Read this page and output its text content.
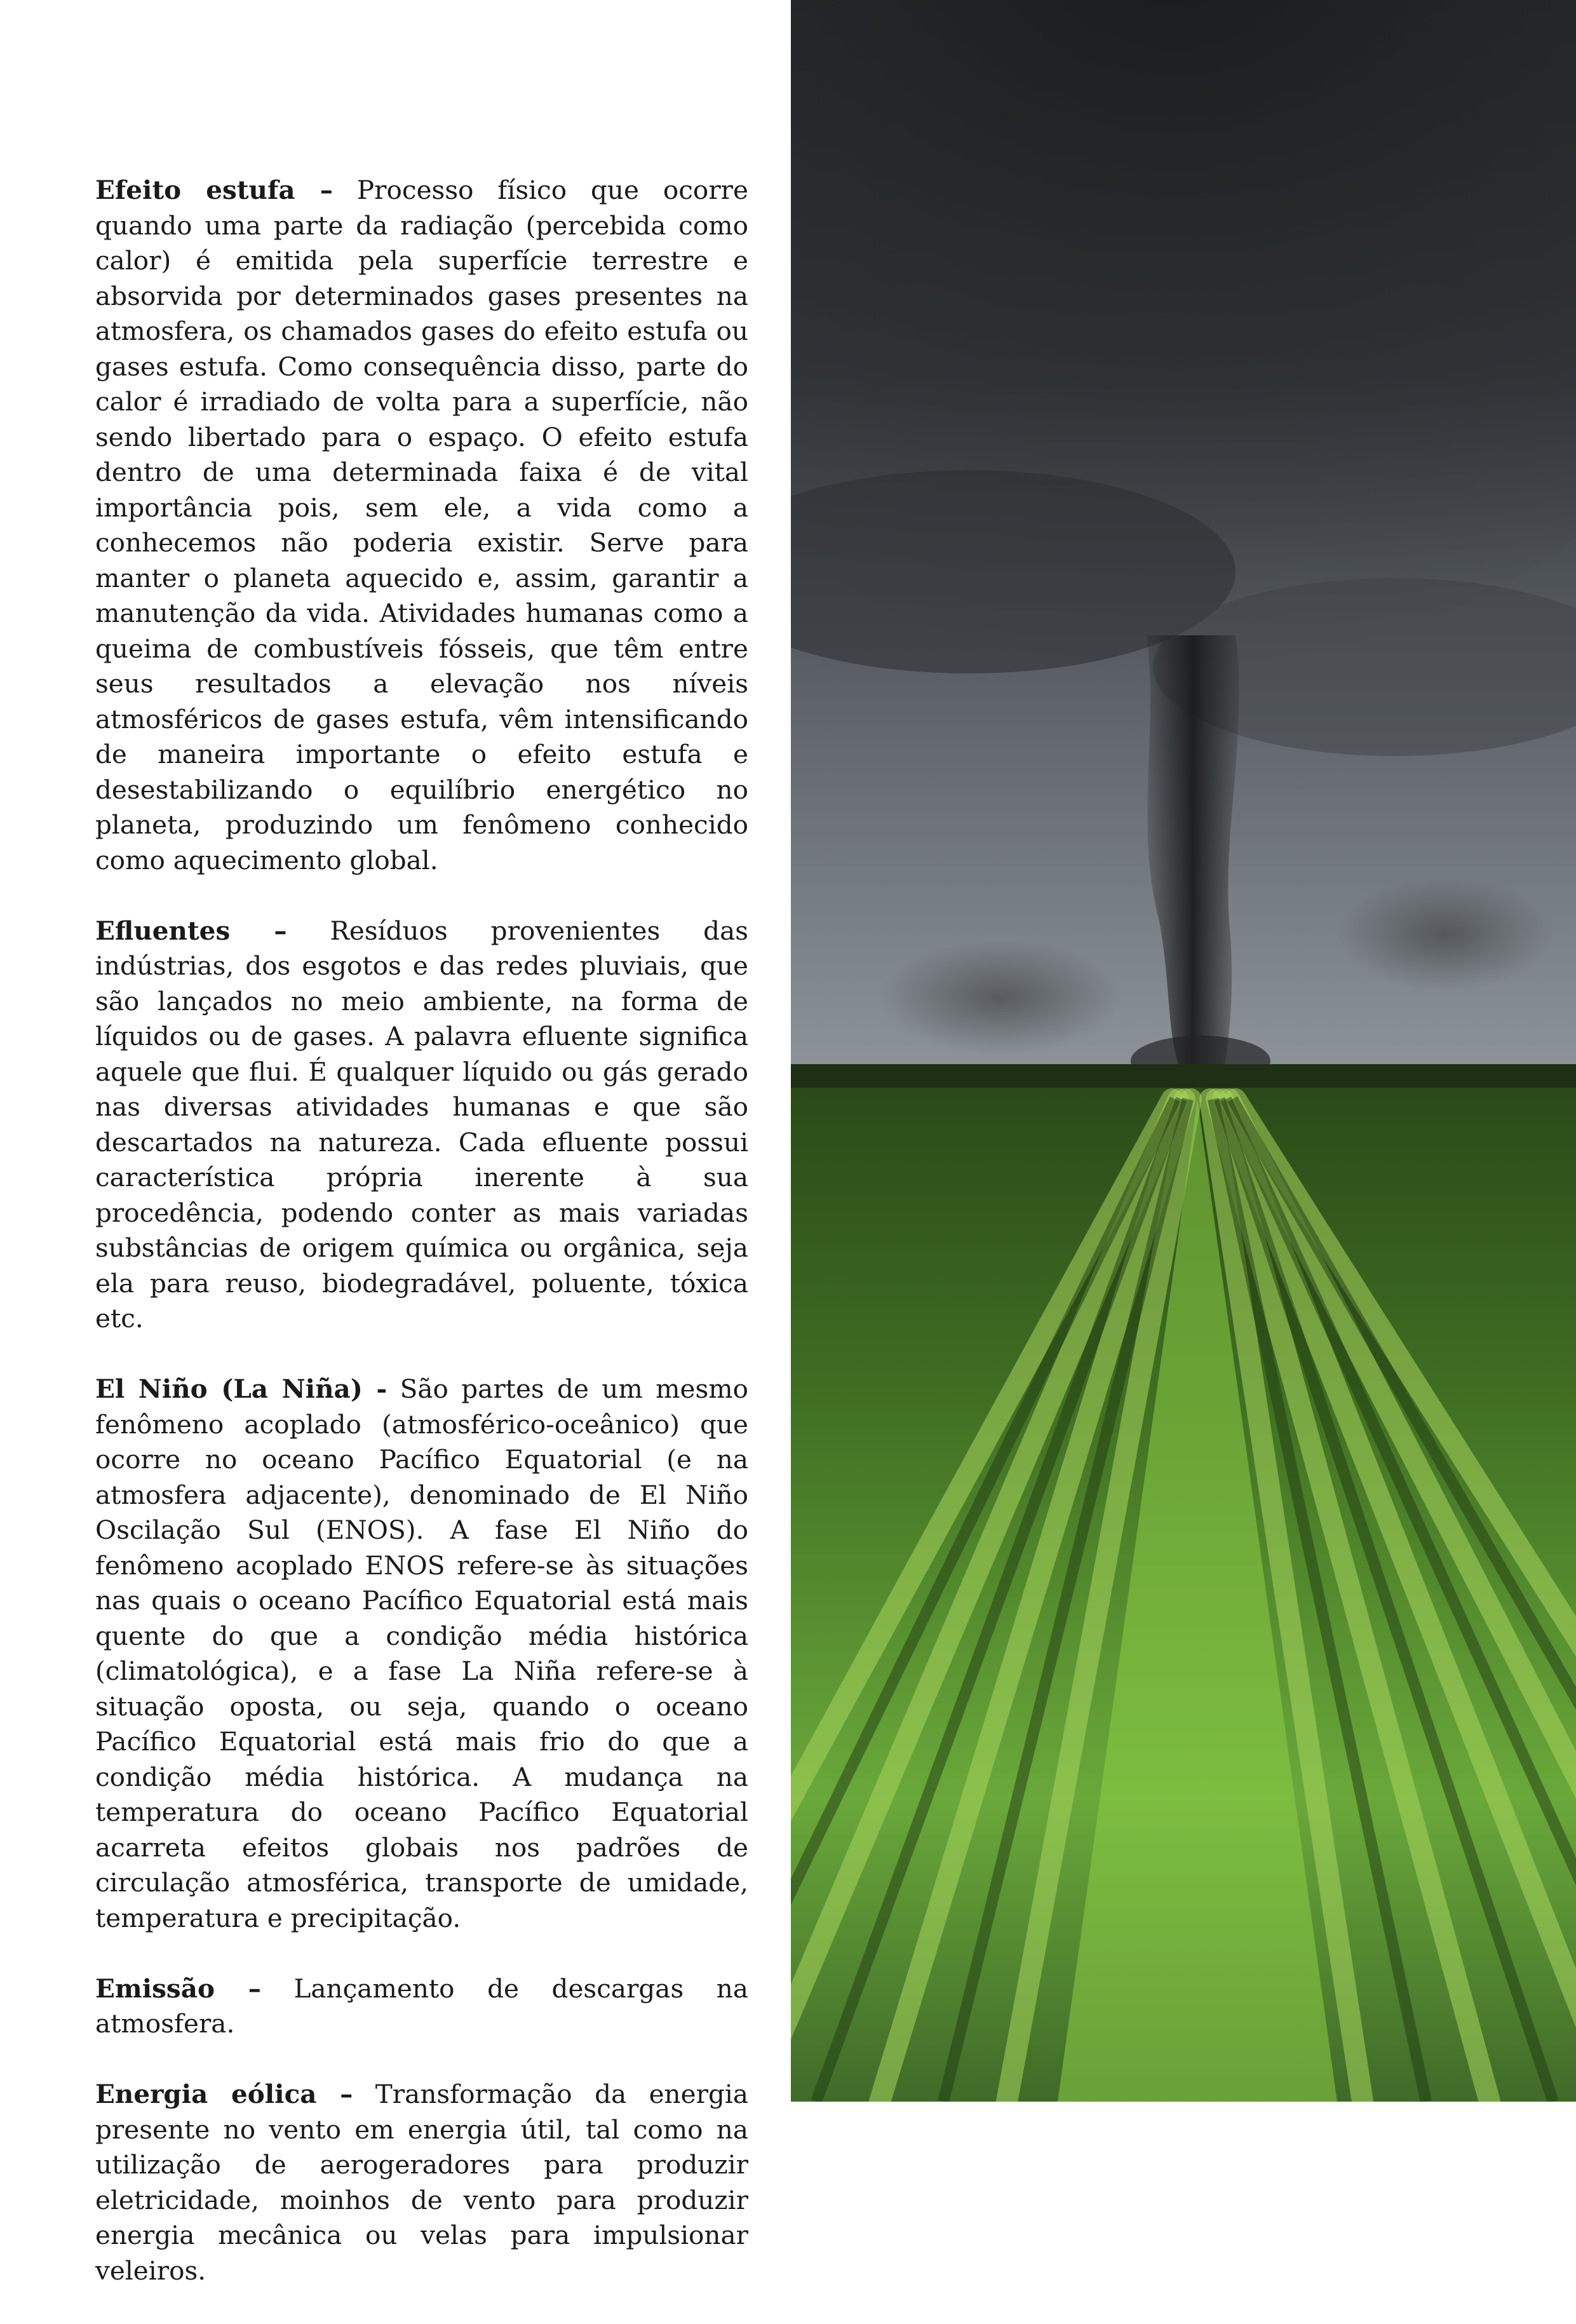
Efeito estufa – Processo físico que ocorre quando uma parte da radiação (percebida como calor) é emitida pela superfície terrestre e absorvida por determinados gases presentes na atmosfera, os chamados gases do efeito estufa ou gases estufa. Como consequência disso, parte do calor é irradiado de volta para a superfície, não sendo libertado para o espaço. O efeito estufa dentro de uma determinada faixa é de vital importância pois, sem ele, a vida como a conhecemos não poderia existir. Serve para manter o planeta aquecido e, assim, garantir a manutenção da vida. Atividades humanas como a queima de combustíveis fósseis, que têm entre seus resultados a elevação nos níveis atmosféricos de gases estufa, vêm intensificando de maneira importante o efeito estufa e desestabilizando o equilíbrio energético no planeta, produzindo um fenômeno conhecido como aquecimento global.

Efluentes – Resíduos provenientes das indústrias, dos esgotos e das redes pluviais, que são lançados no meio ambiente, na forma de líquidos ou de gases. A palavra efluente significa aquele que flui. É qualquer líquido ou gás gerado nas diversas atividades humanas e que são descartados na natureza. Cada efluente possui característica própria inerente à sua procedência, podendo conter as mais variadas substâncias de origem química ou orgânica, seja ela para reuso, biodegradável, poluente, tóxica etc.

El Niño (La Niña) - São partes de um mesmo fenômeno acoplado (atmosférico-oceânico) que ocorre no oceano Pacífico Equatorial (e na atmosfera adjacente), denominado de El Niño Oscilação Sul (ENOS). A fase El Niño do fenômeno acoplado ENOS refere-se às situações nas quais o oceano Pacífico Equatorial está mais quente do que a condição média histórica (climatológica), e a fase La Niña refere-se à situação oposta, ou seja, quando o oceano Pacífico Equatorial está mais frio do que a condição média histórica. A mudança na temperatura do oceano Pacífico Equatorial acarreta efeitos globais nos padrões de circulação atmosférica, transporte de umidade, temperatura e precipitação.

Emissão – Lançamento de descargas na atmosfera.

Energia eólica – Transformação da energia presente no vento em energia útil, tal como na utilização de aerogeradores para produzir eletricidade, moinhos de vento para produzir energia mecânica ou velas para impulsionar veleiros.
